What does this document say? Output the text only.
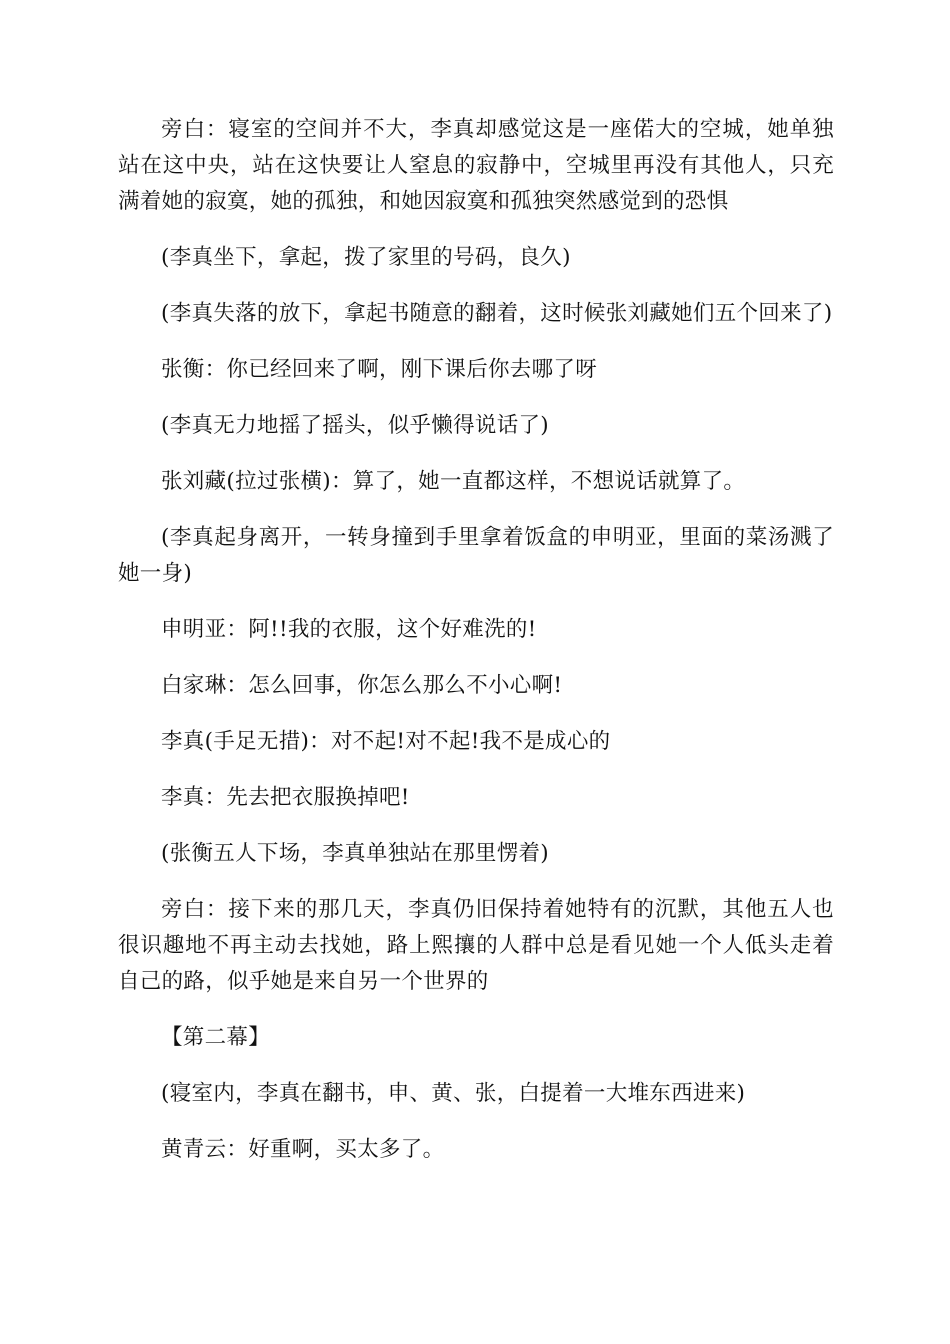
旁白：寝室的空间并不大，李真却感觉这是一座偌大的空城，她单独站在这中央，站在这快要让人窒息的寂静中，空城里再没有其他人，只充满着她的寂寞，她的孤独，和她因寂寞和孤独突然感觉到的恐惧

(李真坐下，拿起，拨了家里的号码，良久)

(李真失落的放下，拿起书随意的翻着，这时候张刘藏她们五个回来了)

张衡：你已经回来了啊，刚下课后你去哪了呀

(李真无力地摇了摇头，似乎懒得说话了)

张刘藏(拉过张横)：算了，她一直都这样，不想说话就算了。

(李真起身离开，一转身撞到手里拿着饭盒的申明亚，里面的菜汤溅了她一身)

申明亚：阿!!我的衣服，这个好难洗的!

白家琳：怎么回事，你怎么那么不小心啊!

李真(手足无措)：对不起!对不起!我不是成心的

李真：先去把衣服换掉吧!

(张衡五人下场，李真单独站在那里愣着)

旁白：接下来的那几天，李真仍旧保持着她特有的沉默，其他五人也很识趣地不再主动去找她，路上熙攘的人群中总是看见她一个人低头走着自己的路，似乎她是来自另一个世界的

【第二幕】

(寝室内，李真在翻书，申、黄、张，白提着一大堆东西进来)

黄青云：好重啊，买太多了。
